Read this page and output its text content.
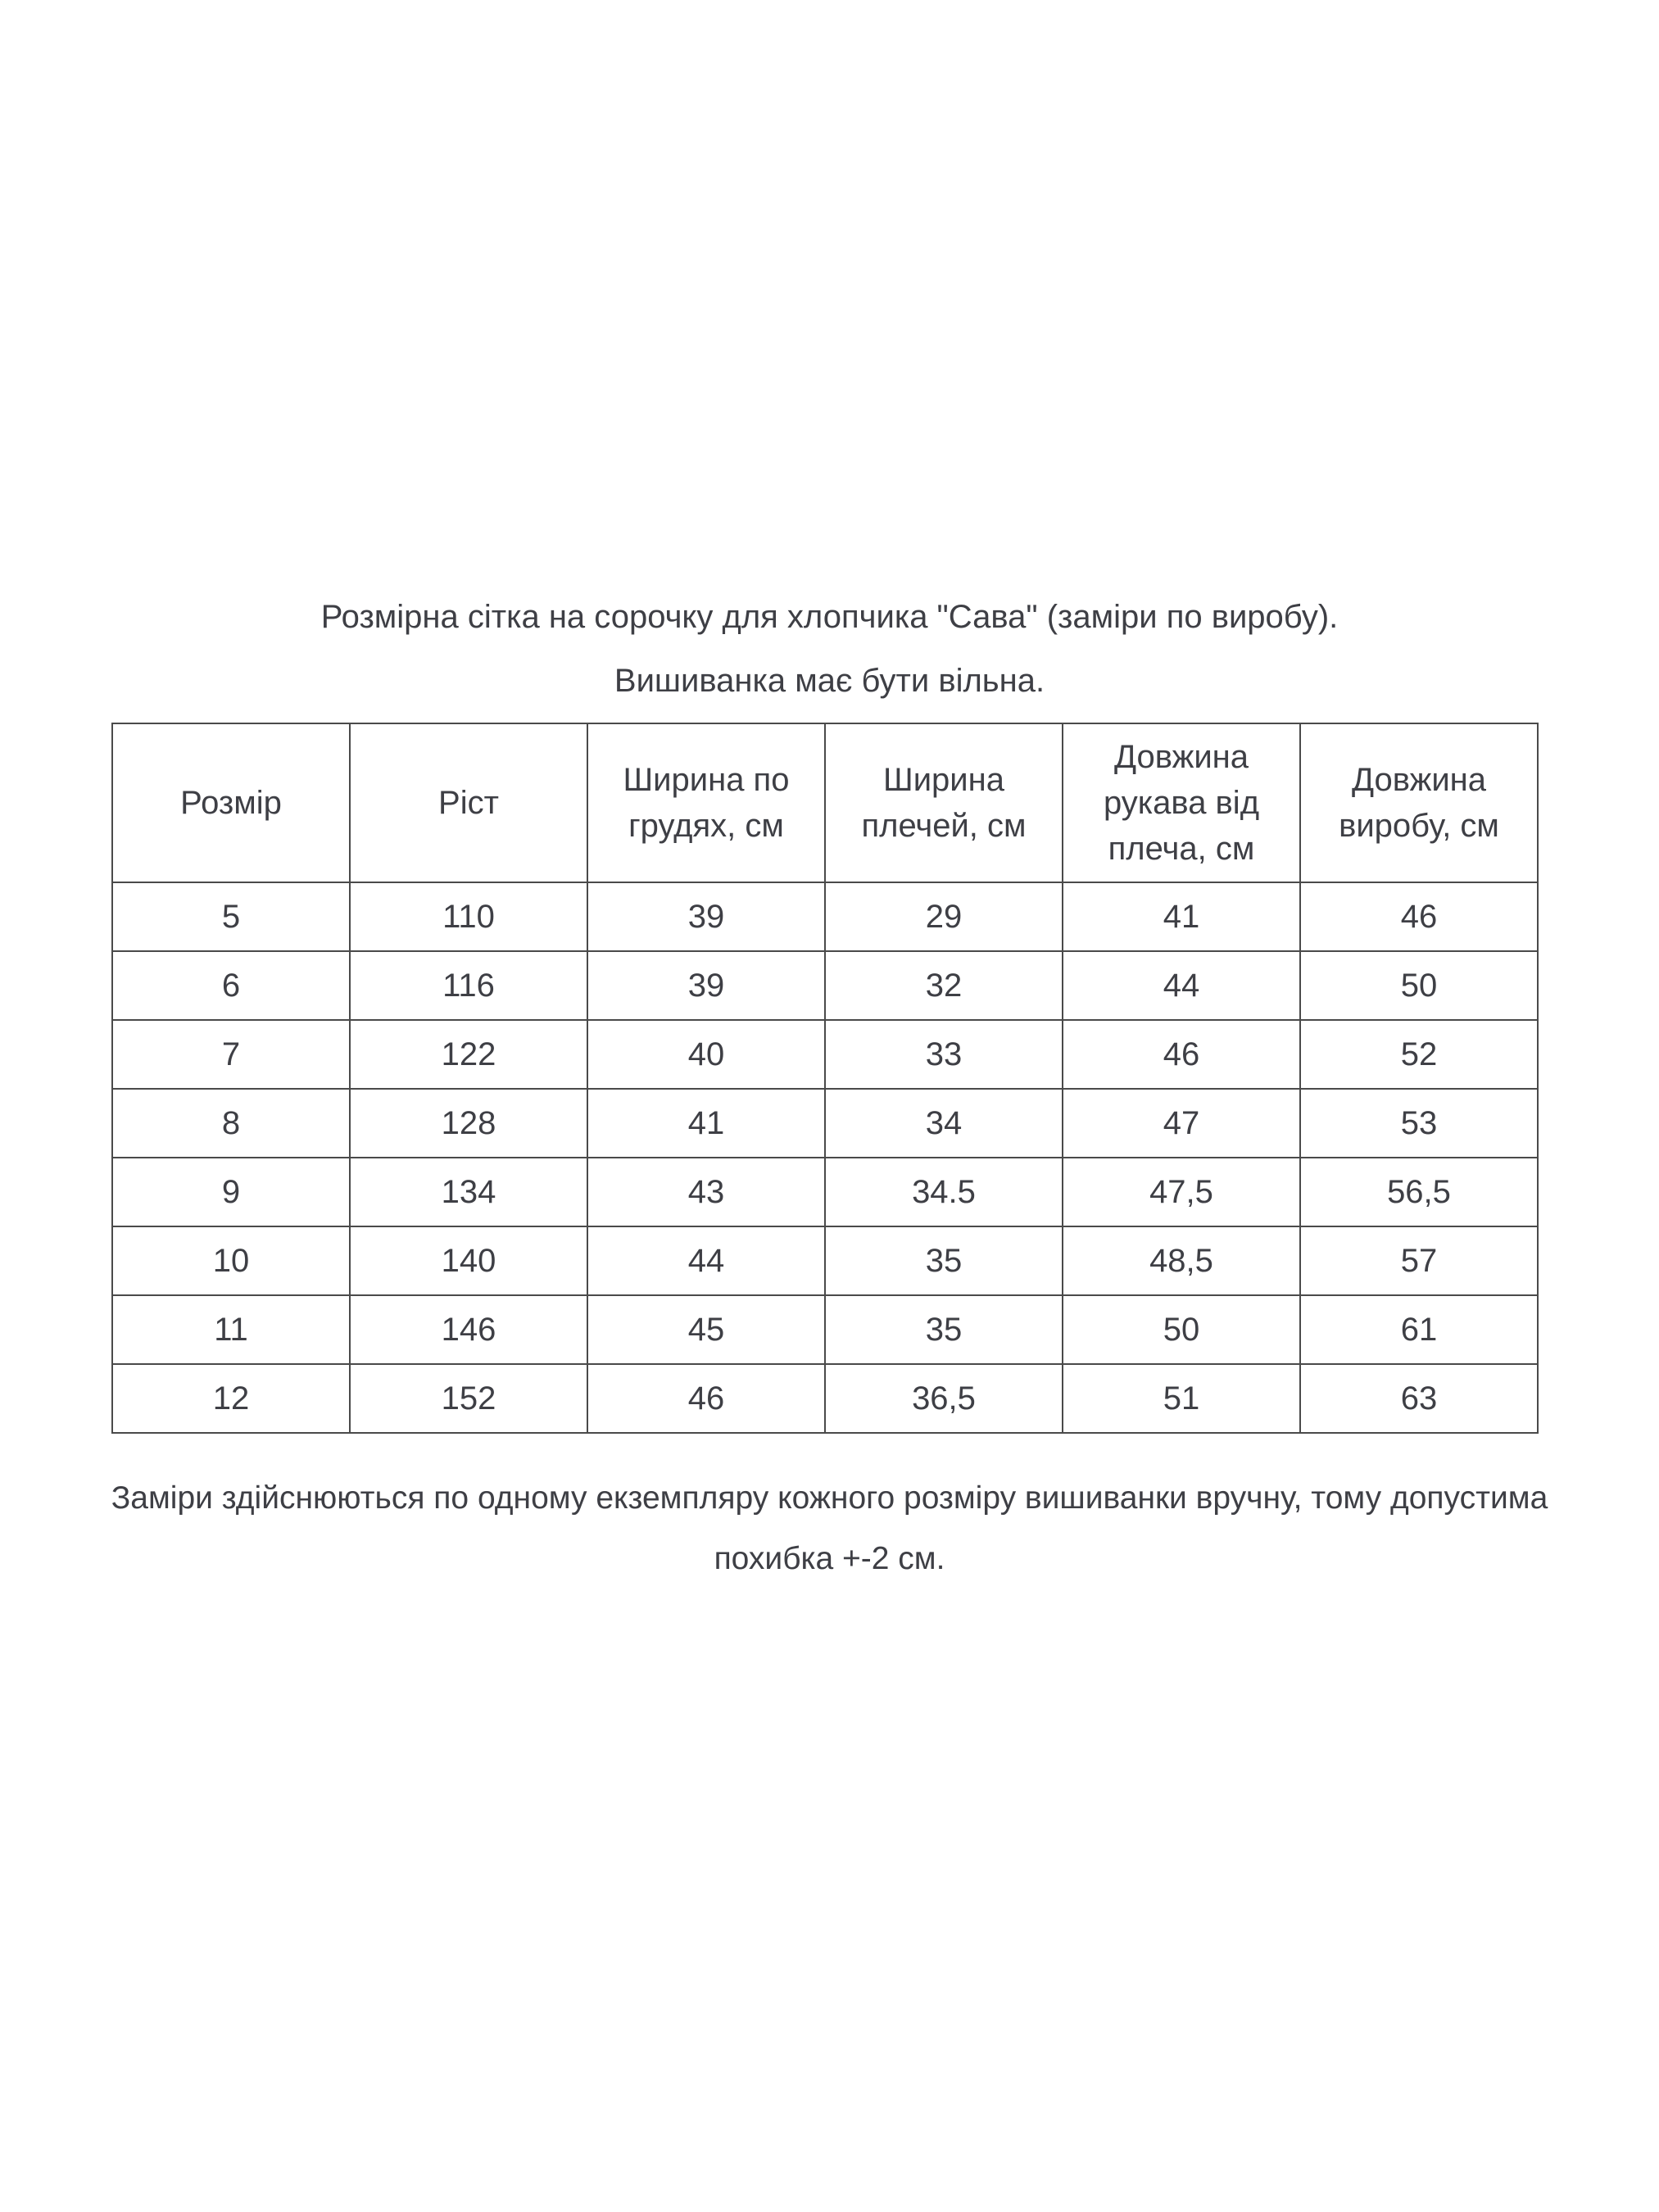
Розмірна сітка на сорочку для хлопчика "Сава" (заміри по виробу).
Вишиванка має бути вільна.
Розмір	Ріст	Ширина по грудях, см	Ширина плечей, см	Довжина рукава від плеча, см	Довжина виробу, см
5	110	39	29	41	46
6	116	39	32	44	50
7	122	40	33	46	52
8	128	41	34	47	53
9	134	43	34.5	47,5	56,5
10	140	44	35	48,5	57
11	146	45	35	50	61
12	152	46	36,5	51	63
Заміри здійснюються по одному екземпляру кожного розміру вишиванки вручну, тому допустима
похибка +-2 см.
